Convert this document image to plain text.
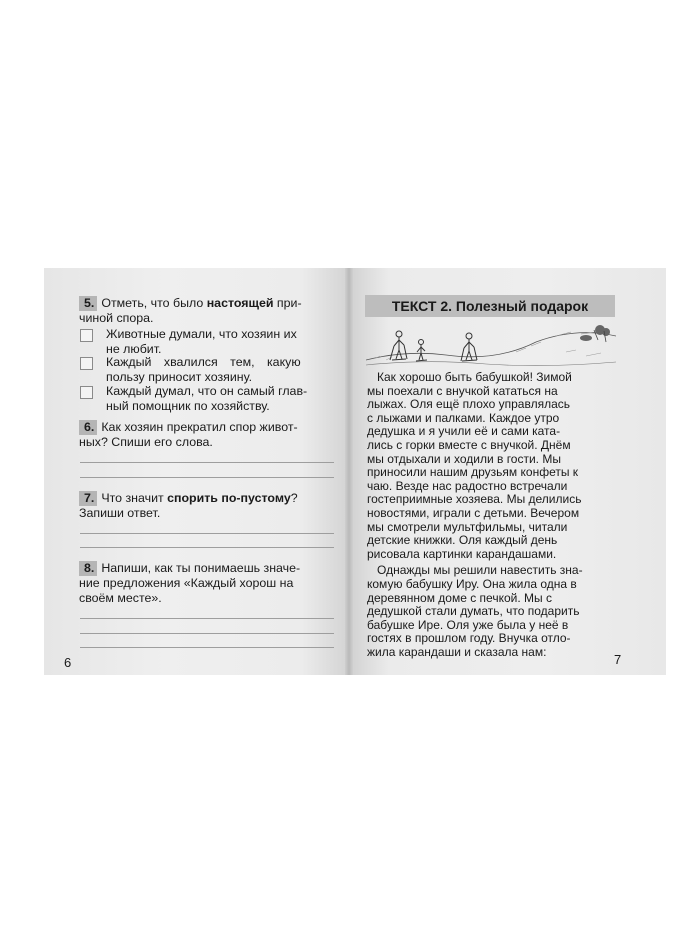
5. Отметь, что было настоящей при-
чиной спора.
Животные думали, что хозяин их
не любит.
Каждый хвалился тем, какую
пользу приносит хозяину.
Каждый думал, что он самый глав-
ный помощник по хозяйству.
6. Как хозяин прекратил спор живот-
ных? Спиши его слова.
7. Что значит спорить по-пустому?
Запиши ответ.
8. Напиши, как ты понимаешь значе-
ние предложения «Каждый хорош на
своём месте».
6
ТЕКСТ 2. Полезный подарок
Как хорошо быть бабушкой! Зимой
мы поехали с внучкой кататься на
лыжах. Оля ещё плохо управлялась
с лыжами и палками. Каждое утро
дедушка и я учили её и сами ката-
лись с горки вместе с внучкой. Днём
мы отдыхали и ходили в гости. Мы
приносили нашим друзьям конфеты к
чаю. Везде нас радостно встречали
гостеприимные хозяева. Мы делились
новостями, играли с детьми. Вечером
мы смотрели мультфильмы, читали
детские книжки. Оля каждый день
рисовала картинки карандашами.
Однажды мы решили навестить зна-
комую бабушку Иру. Она жила одна в
деревянном доме с печкой. Мы с
дедушкой стали думать, что подарить
бабушке Ире. Оля уже была у неё в
гостях в прошлом году. Внучка отло-
жила карандаши и сказала нам:	7
